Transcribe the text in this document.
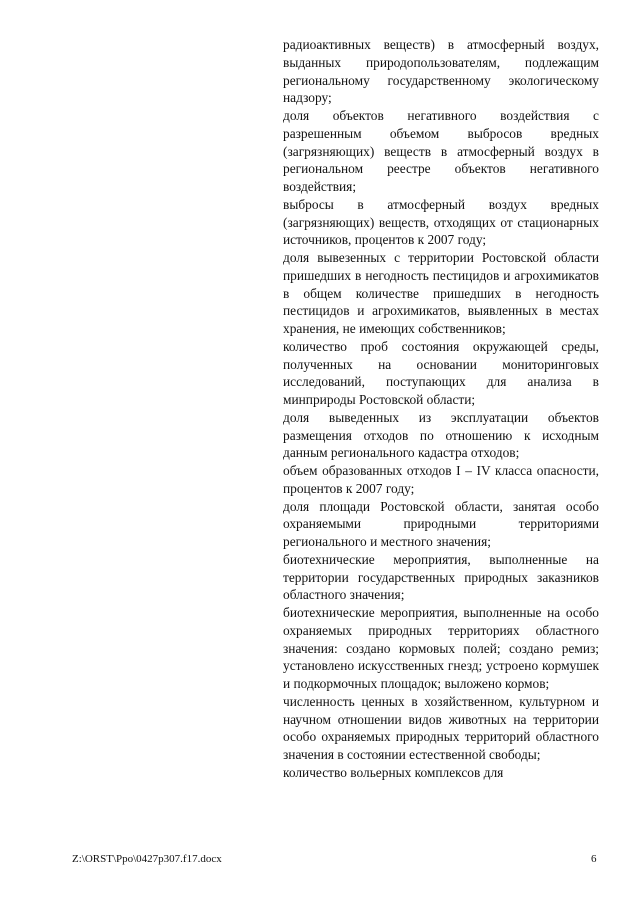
радиоактивных веществ) в атмосферный воздух, выданных природопользователям, подлежащим региональному государственному экологическому надзору;

доля объектов негативного воздействия с разрешенным объемом выбросов вредных (загрязняющих) веществ в атмосферный воздух в региональном реестре объектов негативного воздействия;

выбросы в атмосферный воздух вредных (загрязняющих) веществ, отходящих от стационарных источников, процентов к 2007 году;

доля вывезенных с территории Ростовской области пришедших в негодность пестицидов и агрохимикатов в общем количестве пришедших в негодность пестицидов и агрохимикатов, выявленных в местах хранения, не имеющих собственников;

количество проб состояния окружающей среды, полученных на основании мониторинговых исследований, поступающих для анализа в минприроды Ростовской области;

доля выведенных из эксплуатации объектов размещения отходов по отношению к исходным данным регионального кадастра отходов;

объем образованных отходов I – IV класса опасности, процентов к 2007 году;

доля площади Ростовской области, занятая особо охраняемыми природными территориями регионального и местного значения;

биотехнические мероприятия, выполненные на территории государственных природных заказников областного значения;

биотехнические мероприятия, выполненные на особо охраняемых природных территориях областного значения: создано кормовых полей; создано ремиз; установлено искусственных гнезд; устроено кормушек и подкормочных площадок; выложено кормов;

численность ценных в хозяйственном, культурном и научном отношении видов животных на территории особо охраняемых природных территорий областного значения в состоянии естественной свободы;

количество вольерных комплексов для

Z:\ORST\Ppo\0427p307.f17.docx	6
